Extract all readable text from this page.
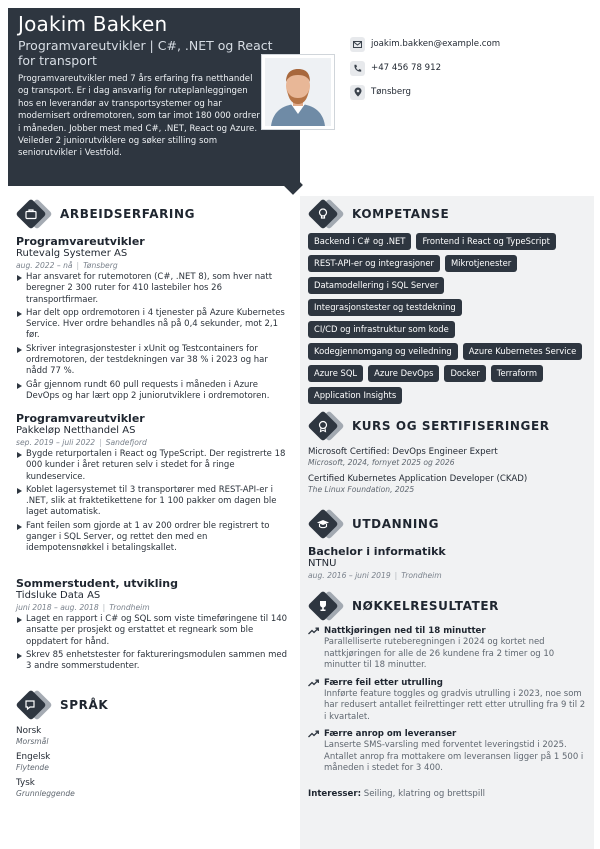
Joakim Bakken
Programvareutvikler | C#, .NET og React for transport
Programvareutvikler med 7 års erfaring fra netthandel og transport. Er i dag ansvarlig for ruteplanleggingen hos en leverandør av transportsystemer og har modernisert ordremotoren, som tar imot 180 000 ordrer i måneden. Jobber mest med C#, .NET, React og Azure. Veileder 2 juniorutviklere og søker stilling som seniorutvikler i Vestfold.
joakim.bakken@example.com
+47 456 78 912
Tønsberg
ARBEIDSERFARING
Programvareutvikler
Rutevalg Systemer AS
aug. 2022 – nå | Tønsberg
Har ansvaret for rutemotoren (C#, .NET 8), som hver natt beregner 2 300 ruter for 410 lastebiler hos 26 transportfirmaer.
Har delt opp ordremotoren i 4 tjenester på Azure Kubernetes Service. Hver ordre behandles nå på 0,4 sekunder, mot 2,1 før.
Skriver integrasjonstester i xUnit og Testcontainers for ordremotoren, der testdekningen var 38 % i 2023 og har nådd 77 %.
Går gjennom rundt 60 pull requests i måneden i Azure DevOps og har lært opp 2 juniorutviklere i ordremotoren.
Programvareutvikler
Pakkeløp Netthandel AS
sep. 2019 – juli 2022 | Sandefjord
Bygde returportalen i React og TypeScript. Der registrerte 18 000 kunder i året returen selv i stedet for å ringe kundeservice.
Koblet lagersystemet til 3 transportører med REST-API-er i .NET, slik at fraktetikettene for 1 100 pakker om dagen ble laget automatisk.
Fant feilen som gjorde at 1 av 200 ordrer ble registrert to ganger i SQL Server, og rettet den med en idempotensnøkkel i betalingskallet.
Sommerstudent, utvikling
Tidsluke Data AS
juni 2018 – aug. 2018 | Trondheim
Laget en rapport i C# og SQL som viste timeføringene til 140 ansatte per prosjekt og erstattet et regneark som ble oppdatert for hånd.
Skrev 85 enhetstester for faktureringsmodulen sammen med 3 andre sommerstudenter.
SPRÅK
Norsk
Morsmål
Engelsk
Flytende
Tysk
Grunnleggende
KOMPETANSE
Backend i C# og .NET	Frontend i React og TypeScript
REST-API-er og integrasjoner	Mikrotjenester
Datamodellering i SQL Server
Integrasjonstester og testdekning
CI/CD og infrastruktur som kode
Kodegjennomgang og veiledning	Azure Kubernetes Service
Azure SQL	Azure DevOps	Docker	Terraform
Application Insights
KURS OG SERTIFISERINGER
Microsoft Certified: DevOps Engineer Expert
Microsoft, 2024, fornyet 2025 og 2026
Certified Kubernetes Application Developer (CKAD)
The Linux Foundation, 2025
UTDANNING
Bachelor i informatikk
NTNU
aug. 2016 – juni 2019 | Trondheim
NØKKELRESULTATER
Nattkjøringen ned til 18 minutter
Parallelliserte ruteberegningen i 2024 og kortet ned nattkjøringen for alle de 26 kundene fra 2 timer og 10 minutter til 18 minutter.
Færre feil etter utrulling
Innførte feature toggles og gradvis utrulling i 2023, noe som har redusert antallet feilrettinger rett etter utrulling fra 9 til 2 i kvartalet.
Færre anrop om leveranser
Lanserte SMS-varsling med forventet leveringstid i 2025. Antallet anrop fra mottakere om leveransen ligger på 1 500 i måneden i stedet for 3 400.
Interesser: Seiling, klatring og brettspill
